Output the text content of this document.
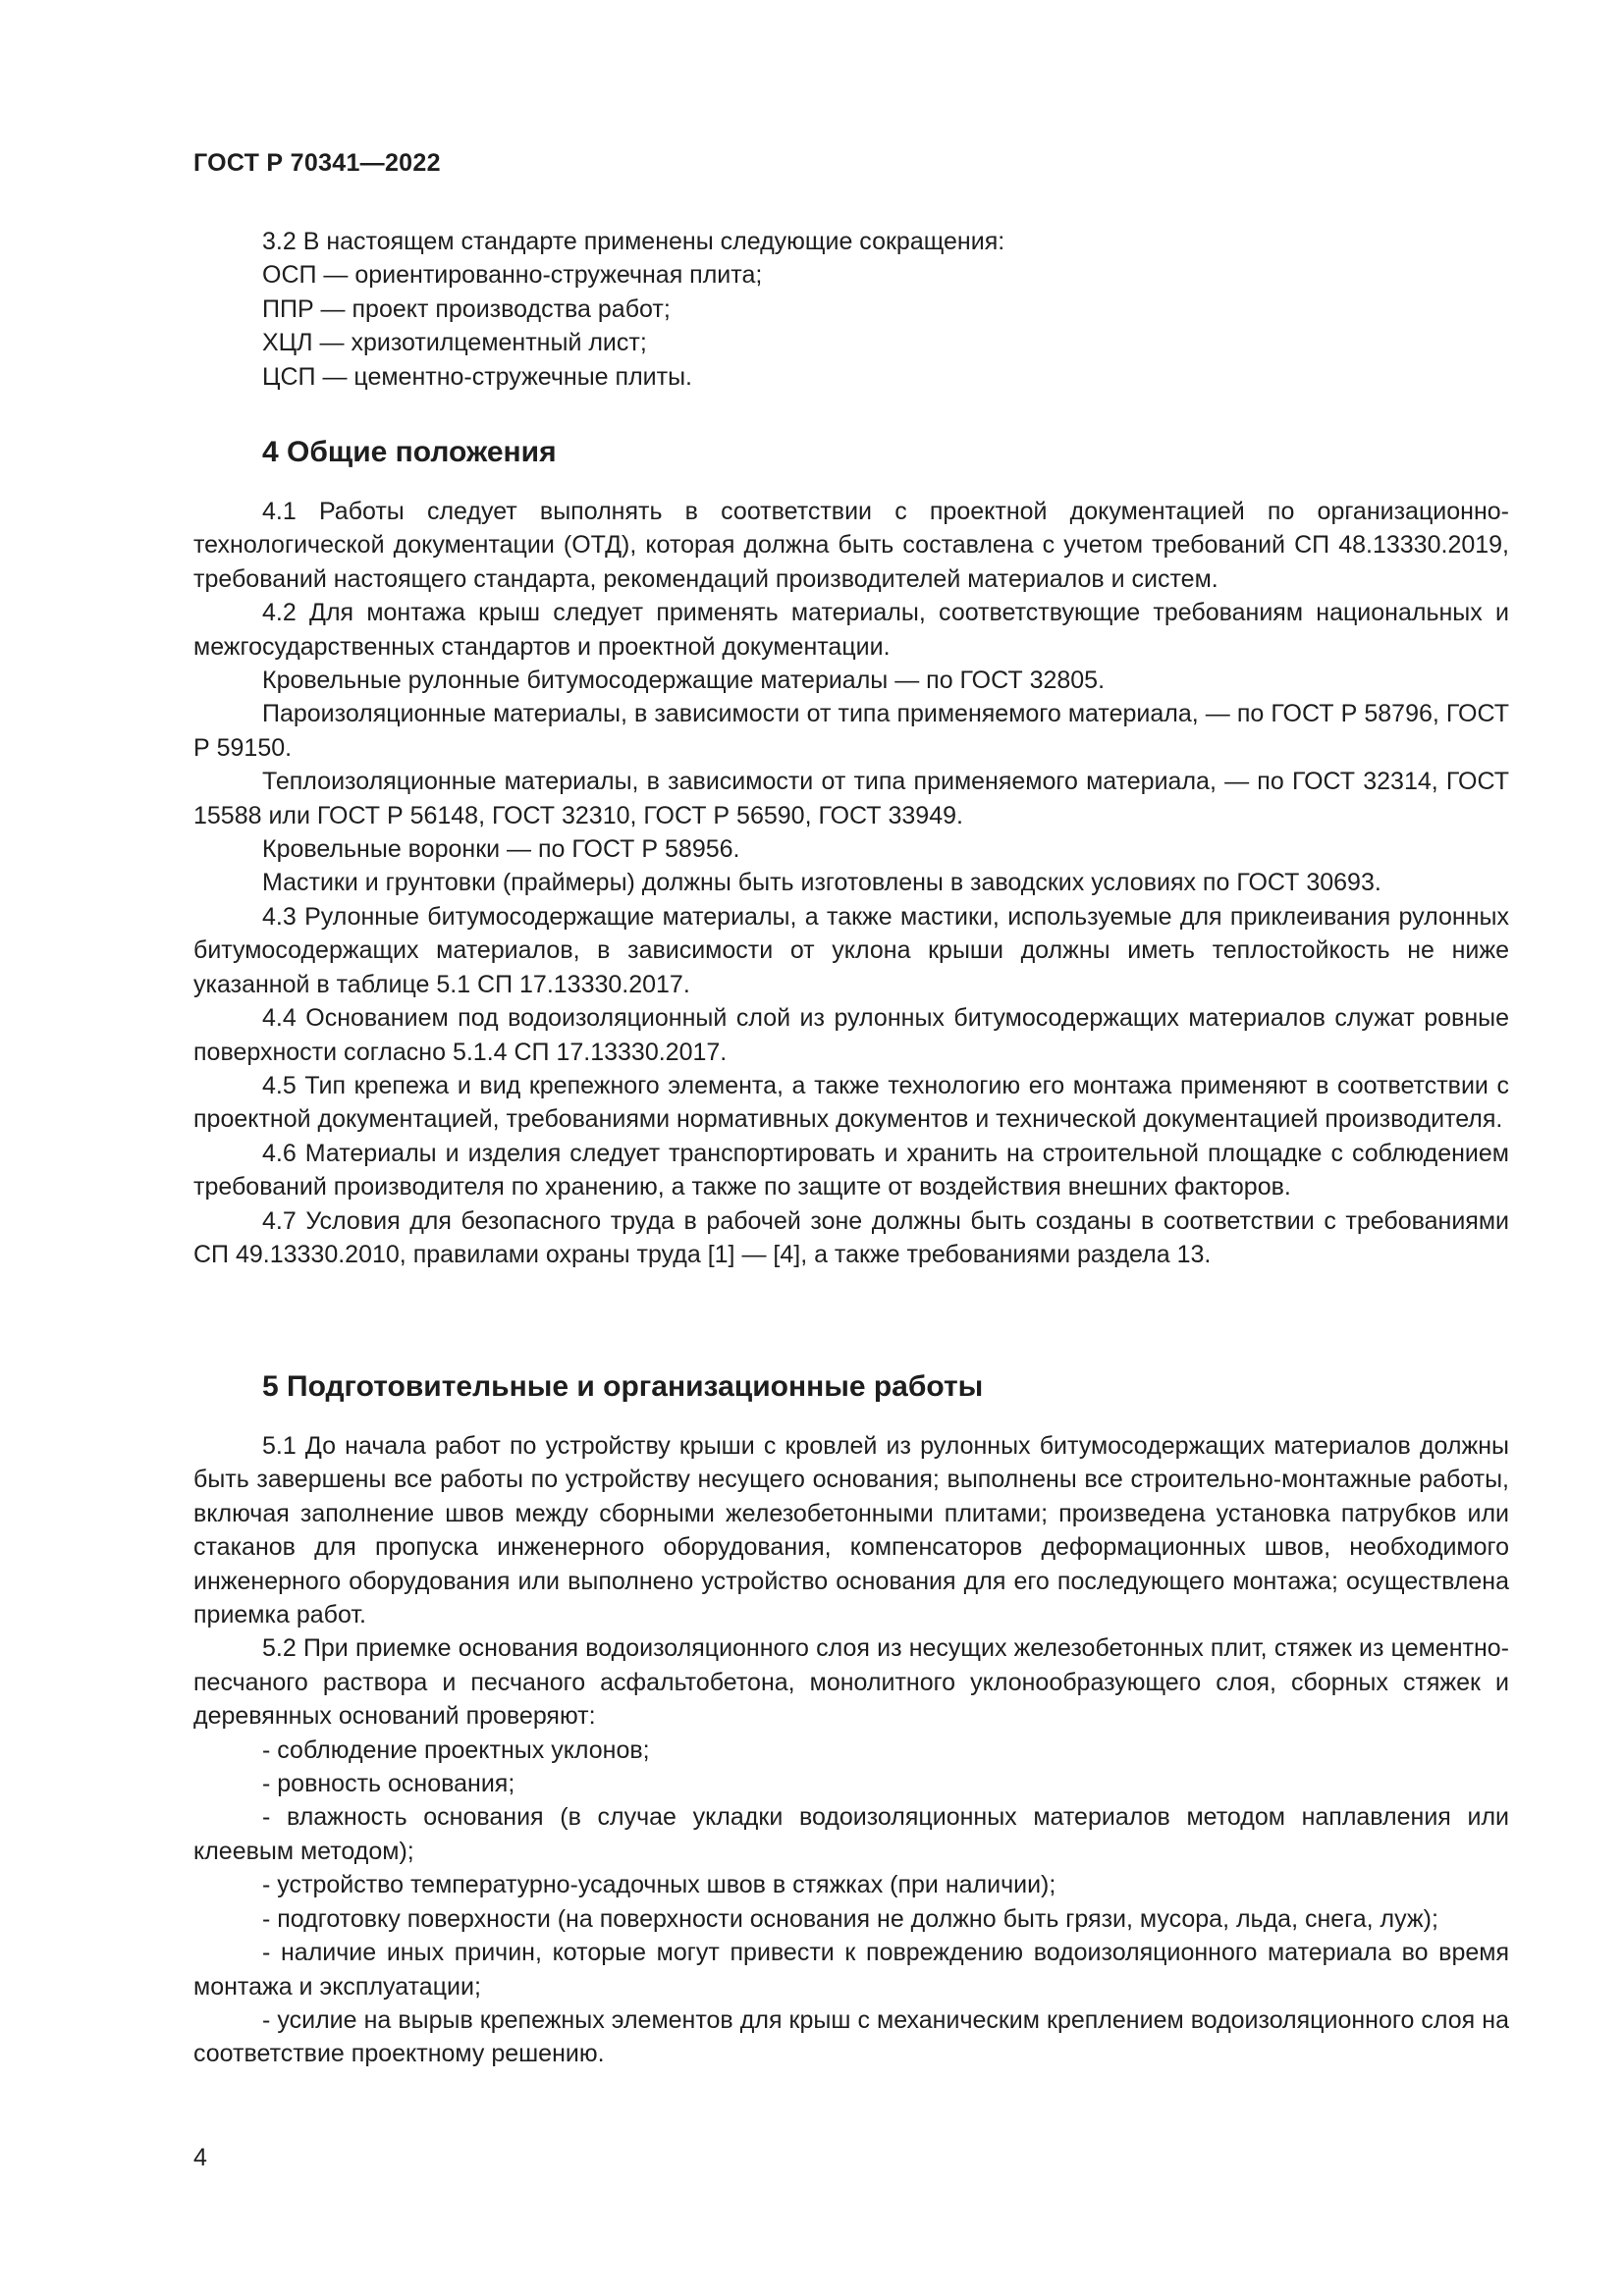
ГОСТ Р 70341—2022
3.2 В настоящем стандарте применены следующие сокращения:
ОСП — ориентированно-стружечная плита;
ППР — проект производства работ;
ХЦЛ — хризотилцементный лист;
ЦСП — цементно-стружечные плиты.
4 Общие положения

4.1 Работы следует выполнять в соответствии с проектной документацией по организационно-технологической документации (ОТД), которая должна быть составлена с учетом требований СП 48.13330.2019, требований настоящего стандарта, рекомендаций производителей материалов и систем.

4.2 Для монтажа крыш следует применять материалы, соответствующие требованиям национальных и межгосударственных стандартов и проектной документации.

Кровельные рулонные битумосодержащие материалы — по ГОСТ 32805.

Пароизоляционные материалы, в зависимости от типа применяемого материала, — по ГОСТ Р 58796, ГОСТ Р 59150.

Теплоизоляционные материалы, в зависимости от типа применяемого материала, — по ГОСТ 32314, ГОСТ 15588 или ГОСТ Р 56148, ГОСТ 32310, ГОСТ Р 56590, ГОСТ 33949.

Кровельные воронки — по ГОСТ Р 58956.

Мастики и грунтовки (праймеры) должны быть изготовлены в заводских условиях по ГОСТ 30693.

4.3 Рулонные битумосодержащие материалы, а также мастики, используемые для приклеивания рулонных битумосодержащих материалов, в зависимости от уклона крыши должны иметь теплостойкость не ниже указанной в таблице 5.1 СП 17.13330.2017.

4.4 Основанием под водоизоляционный слой из рулонных битумосодержащих материалов служат ровные поверхности согласно 5.1.4 СП 17.13330.2017.

4.5 Тип крепежа и вид крепежного элемента, а также технологию его монтажа применяют в соответствии с проектной документацией, требованиями нормативных документов и технической документацией производителя.

4.6 Материалы и изделия следует транспортировать и хранить на строительной площадке с соблюдением требований производителя по хранению, а также по защите от воздействия внешних факторов.

4.7 Условия для безопасного труда в рабочей зоне должны быть созданы в соответствии с требованиями СП 49.13330.2010, правилами охраны труда [1] — [4], а также требованиями раздела 13.

5 Подготовительные и организационные работы

5.1 До начала работ по устройству крыши с кровлей из рулонных битумосодержащих материалов должны быть завершены все работы по устройству несущего основания; выполнены все строительно-монтажные работы, включая заполнение швов между сборными железобетонными плитами; произведена установка патрубков или стаканов для пропуска инженерного оборудования, компенсаторов деформационных швов, необходимого инженерного оборудования или выполнено устройство основания для его последующего монтажа; осуществлена приемка работ.

5.2 При приемке основания водоизоляционного слоя из несущих железобетонных плит, стяжек из цементно-песчаного раствора и песчаного асфальтобетона, монолитного уклонообразующего слоя, сборных стяжек и деревянных оснований проверяют:

- соблюдение проектных уклонов;

- ровность основания;

- влажность основания (в случае укладки водоизоляционных материалов методом наплавления или клеевым методом);

- устройство температурно-усадочных швов в стяжках (при наличии);

- подготовку поверхности (на поверхности основания не должно быть грязи, мусора, льда, снега, луж);

- наличие иных причин, которые могут привести к повреждению водоизоляционного материала во время монтажа и эксплуатации;

- усилие на вырыв крепежных элементов для крыш с механическим креплением водоизоляционного слоя на соответствие проектному решению.

4
